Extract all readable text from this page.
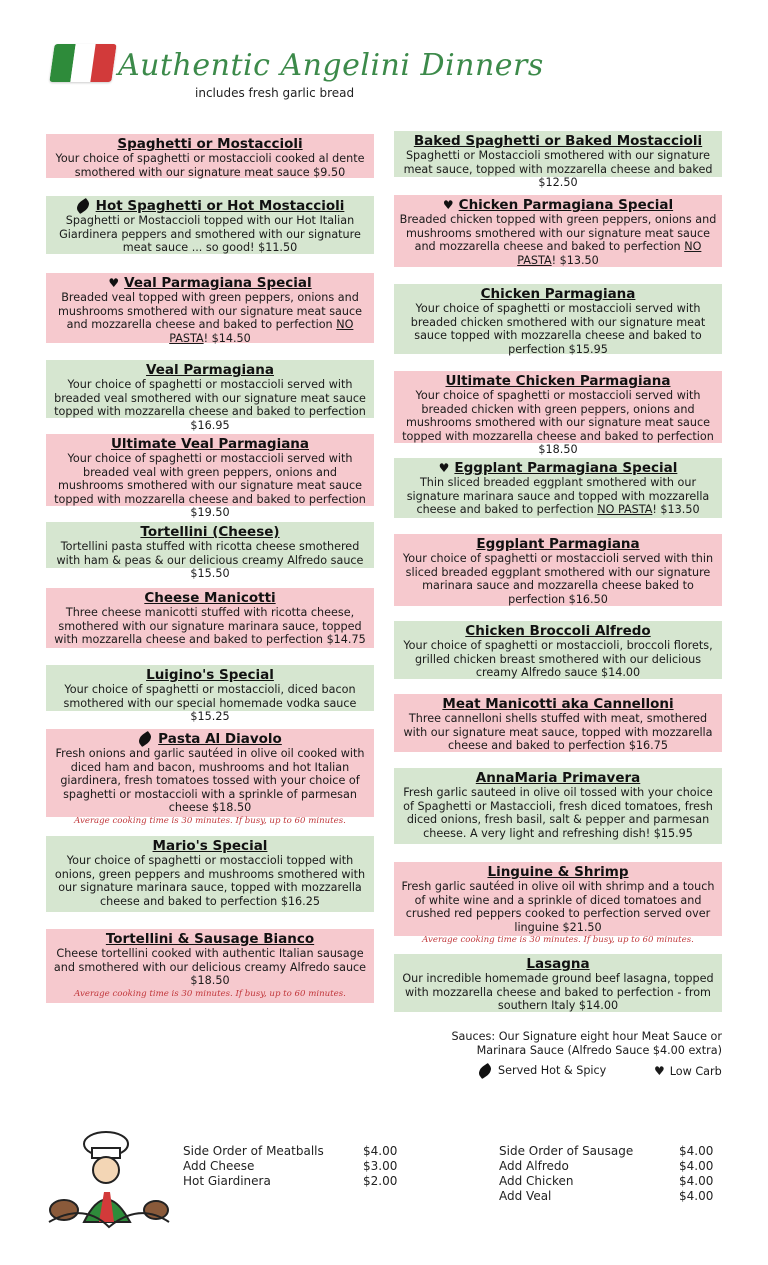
Authentic Angelini Dinners
includes fresh garlic bread
Spaghetti or Mostaccioli
Your choice of spaghetti or mostaccioli cooked al dente smothered with our signature meat sauce $9.50
Hot Spaghetti or Hot Mostaccioli
Spaghetti or Mostaccioli topped with our Hot Italian Giardinera peppers and smothered with our signature meat sauce ... so good! $11.50
♥ Veal Parmagiana Special
Breaded veal topped with green peppers, onions and mushrooms smothered with our signature meat sauce and mozzarella cheese and baked to perfection NO PASTA! $14.50
Veal Parmagiana
Your choice of spaghetti or mostaccioli served with breaded veal smothered with our signature meat sauce topped with mozzarella cheese and baked to perfection $16.95
Ultimate Veal Parmagiana
Your choice of spaghetti or mostaccioli served with breaded veal with green peppers, onions and mushrooms smothered with our signature meat sauce topped with mozzarella cheese and baked to perfection $19.50
Tortellini (Cheese)
Tortellini pasta stuffed with ricotta cheese smothered with ham & peas & our delicious creamy Alfredo sauce $15.50
Cheese Manicotti
Three cheese manicotti stuffed with ricotta cheese, smothered with our signature marinara sauce, topped with mozzarella cheese and baked to perfection $14.75
Luigino's Special
Your choice of spaghetti or mostaccioli, diced bacon smothered with our special homemade vodka sauce $15.25
Pasta Al Diavolo
Fresh onions and garlic sautéed in olive oil cooked with diced ham and bacon, mushrooms and hot Italian giardinera, fresh tomatoes tossed with your choice of spaghetti or mostaccioli with a sprinkle of parmesan cheese $18.50
Average cooking time is 30 minutes. If busy, up to 60 minutes.
Mario's Special
Your choice of spaghetti or mostaccioli topped with onions, green peppers and mushrooms smothered with our signature marinara sauce, topped with mozzarella cheese and baked to perfection $16.25
Tortellini & Sausage Bianco
Cheese tortellini cooked with authentic Italian sausage and smothered with our delicious creamy Alfredo sauce $18.50
Average cooking time is 30 minutes. If busy, up to 60 minutes.
Baked Spaghetti or Baked Mostaccioli
Spaghetti or Mostaccioli smothered with our signature meat sauce, topped with mozzarella cheese and baked $12.50
♥ Chicken Parmagiana Special
Breaded chicken topped with green peppers, onions and mushrooms smothered with our signature meat sauce and mozzarella cheese and baked to perfection NO PASTA! $13.50
Chicken Parmagiana
Your choice of spaghetti or mostaccioli served with breaded chicken smothered with our signature meat sauce topped with mozzarella cheese and baked to perfection $15.95
Ultimate Chicken Parmagiana
Your choice of spaghetti or mostaccioli served with breaded chicken with green peppers, onions and mushrooms smothered with our signature meat sauce topped with mozzarella cheese and baked to perfection $18.50
♥ Eggplant Parmagiana Special
Thin sliced breaded eggplant smothered with our signature marinara sauce and topped with mozzarella cheese and baked to perfection NO PASTA! $13.50
Eggplant Parmagiana
Your choice of spaghetti or mostaccioli served with thin sliced breaded eggplant smothered with our signature marinara sauce and mozzarella cheese baked to perfection $16.50
Chicken Broccoli Alfredo
Your choice of spaghetti or mostaccioli, broccoli florets, grilled chicken breast smothered with our delicious creamy Alfredo sauce $14.00
Meat Manicotti aka Cannelloni
Three cannelloni shells stuffed with meat, smothered with our signature meat sauce, topped with mozzarella cheese and baked to perfection $16.75
AnnaMaria Primavera
Fresh garlic sauteed in olive oil tossed with your choice of Spaghetti or Mastaccioli, fresh diced tomatoes, fresh diced onions, fresh basil, salt & pepper and parmesan cheese. A very light and refreshing dish! $15.95
Linguine & Shrimp
Fresh garlic sautéed in olive oil with shrimp and a touch of white wine and a sprinkle of diced tomatoes and crushed red peppers cooked to perfection served over linguine $21.50
Average cooking time is 30 minutes. If busy, up to 60 minutes.
Lasagna
Our incredible homemade ground beef lasagna, topped with mozzarella cheese and baked to perfection - from southern Italy $14.00
Sauces: Our Signature eight hour Meat Sauce or
Marinara Sauce (Alfredo Sauce $4.00 extra)
Served Hot & Spicy	♥ Low Carb
Side Order of Meatballs	$4.00
Add Cheese	$3.00
Hot Giardinera	$2.00
Side Order of Sausage	$4.00
Add Alfredo	$4.00
Add Chicken	$4.00
Add Veal	$4.00
